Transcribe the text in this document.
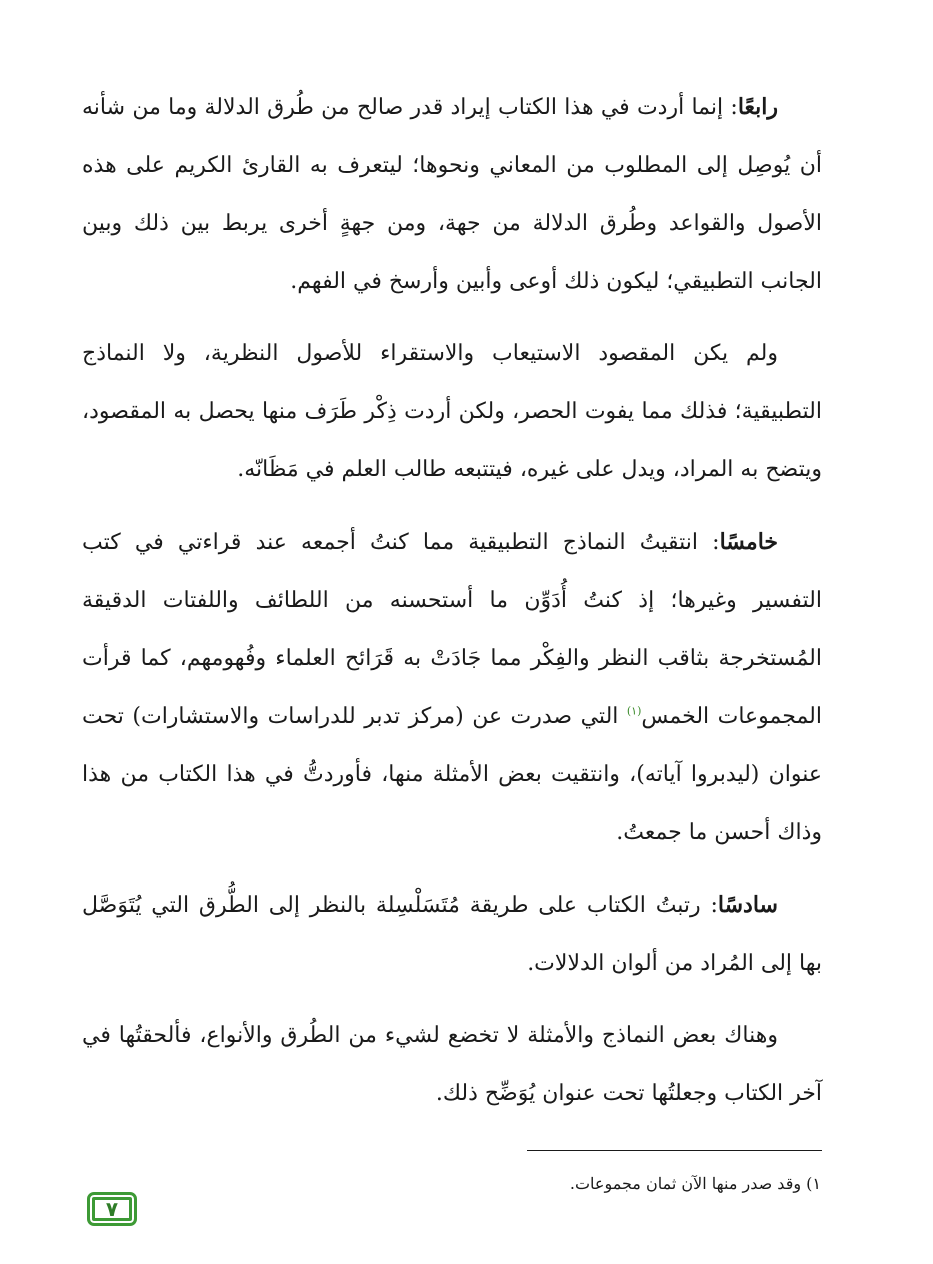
رابعًا: إنما أردت في هذا الكتاب إيراد قدر صالح من طُرق الدلالة وما من شأنه أن يُوصِل إلى المطلوب من المعاني ونحوها؛ ليتعرف به القارئ الكريم على هذه الأصول والقواعد وطُرق الدلالة من جهة، ومن جهةٍ أخرى يربط بين ذلك وبين الجانب التطبيقي؛ ليكون ذلك أوعى وأبين وأرسخ في الفهم.

ولم يكن المقصود الاستيعاب والاستقراء للأصول النظرية، ولا النماذج التطبيقية؛ فذلك مما يفوت الحصر، ولكن أردت ذِكْر طَرَف منها يحصل به المقصود، ويتضح به المراد، ويدل على غيره، فيتتبعه طالب العلم في مَظَانّه.

خامسًا: انتقيتُ النماذج التطبيقية مما كنتُ أجمعه عند قراءتي في كتب التفسير وغيرها؛ إذ كنتُ أُدَوِّن ما أستحسنه من اللطائف واللفتات الدقيقة المُستخرجة بثاقب النظر والفِكْر مما جَادَتْ به قَرَائح العلماء وفُهومهم، كما قرأت المجموعات الخمس$^{(١)}$ التي صدرت عن (مركز تدبر للدراسات والاستشارات) تحت عنوان (ليدبروا آياته)، وانتقيت بعض الأمثلة منها، فأوردتُّ في هذا الكتاب من هذا وذاك أحسن ما جمعتُ.

سادسًا: رتبتُ الكتاب على طريقة مُتَسَلْسِلة بالنظر إلى الطُّرق التي يُتَوَصَّل بها إلى المُراد من ألوان الدلالات.

وهناك بعض النماذج والأمثلة لا تخضع لشيء من الطُرق والأنواع، فألحقتُها في آخر الكتاب وجعلتُها تحت عنوان يُوَضِّح ذلك.

١) وقد صدر منها الآن ثمان مجموعات.
٧
